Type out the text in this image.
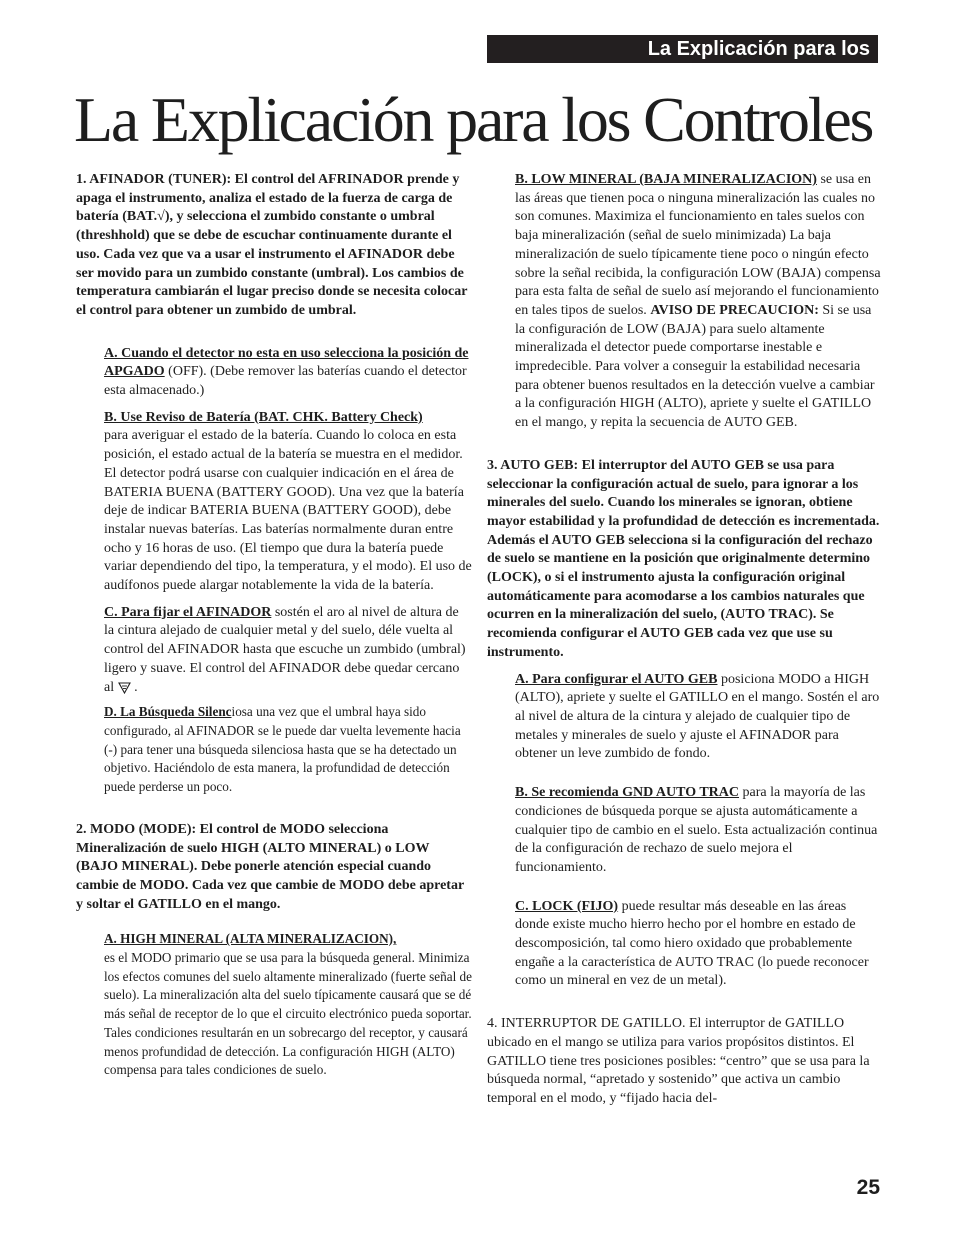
La Explicación para los
La Explicación para los Controles

1. AFINADOR (TUNER): El control del AFRINADOR prende y apaga el instrumento, analiza el estado de la fuerza de carga de batería (BAT.√), y selecciona el zumbido constante o umbral (threshhold) que se debe de escuchar continuamente durante el uso. Cada vez que va a usar el instrumento el AFINADOR debe ser movido para un zumbido constante (umbral). Los cambios de temperatura cambiarán el lugar preciso donde se necesita colocar el control para obtener un zumbido de umbral.

A. Cuando el detector no esta en uso selecciona la posición de APGADO (OFF). (Debe remover las baterías cuando el detector esta almacenado.)

B. Use Reviso de Batería (BAT. CHK. Battery Check)
para averiguar el estado de la batería. Cuando lo coloca en esta posición, el estado actual de la batería se muestra en el medidor. El detector podrá usarse con cualquier indicación en el área de BATERIA BUENA (BATTERY GOOD). Una vez que la batería deje de indicar BATERIA BUENA (BATTERY GOOD), debe instalar nuevas baterías. Las baterías normalmente duran entre ocho y 16 horas de uso. (El tiempo que dura la batería puede variar dependiendo del tipo, la temperatura, y el modo). El uso de audífonos puede alargar notablemente la vida de la batería.

C. Para fijar el AFINADOR sostén el aro al nivel de altura de la cintura alejado de cualquier metal y del suelo, déle vuelta al control del AFINADOR hasta que escuche un zumbido (umbral) ligero y suave. El control del AFINADOR debe quedar cercano al  .

D. La Búsqueda Silenciosa una vez que el umbral haya sido configurado, al AFINADOR se le puede dar vuelta levemente hacia (-) para tener una búsqueda silenciosa hasta que se ha detectado un objetivo. Haciéndolo de esta manera, la profundidad de detección puede perderse un poco.

2. MODO (MODE): El control de MODO selecciona Mineralización de suelo HIGH (ALTO MINERAL) o LOW (BAJO MINERAL). Debe ponerle atención especial cuando cambie de MODO. Cada vez que cambie de MODO debe apretar y soltar el GATILLO en el mango.

A. HIGH MINERAL (ALTA MINERALIZACION),
es el MODO primario que se usa para la búsqueda general. Minimiza los efectos comunes del suelo altamente mineralizado (fuerte señal de suelo). La mineralización alta del suelo típicamente causará que se dé más señal de receptor de lo que el circuito electrónico pueda soportar. Tales condiciones resultarán en un sobrecargo del receptor, y causará menos profundidad de detección. La configuración HIGH (ALTO) compensa para tales condiciones de suelo.

B. LOW MINERAL (BAJA MINERALIZACION) se usa en las áreas que tienen poca o ninguna mineralización las cuales no son comunes. Maximiza el funcionamiento en tales suelos con baja mineralización (señal de suelo minimizada) La baja mineralización de suelo típicamente tiene poco o ningún efecto sobre la señal recibida, la configuración LOW (BAJA) compensa para esta falta de señal de suelo así mejorando el funcionamiento en tales tipos de suelos. AVISO DE PRECAUCION: Si se usa la configuración de LOW (BAJA) para suelo altamente mineralizada el detector puede comportarse inestable e impredecible. Para volver a conseguir la estabilidad necesaria para obtener buenos resultados en la detección vuelve a cambiar a la configuración HIGH (ALTO), apriete y suelte el GATILLO en el mango, y repita la secuencia de AUTO GEB.

3. AUTO GEB: El interruptor del AUTO GEB se usa para seleccionar la configuración actual de suelo, para ignorar a los minerales del suelo. Cuando los minerales se ignoran, obtiene mayor estabilidad y la profundidad de detección es incrementada. Además el AUTO GEB selecciona si la configuración del rechazo de suelo se mantiene en la posición que originalmente determino (LOCK), o si el instrumento ajusta la configuración original automáticamente para acomodarse a los cambios naturales que ocurren en la mineralización del suelo, (AUTO TRAC). Se recomienda configurar el AUTO GEB cada vez que use su instrumento.

A. Para configurar el AUTO GEB posiciona MODO a HIGH (ALTO), apriete y suelte el GATILLO en el mango. Sostén el aro al nivel de altura de la cintura y alejado de cualquier tipo de metales y minerales de suelo y ajuste el AFINADOR para obtener un leve zumbido de fondo.

B. Se recomienda GND AUTO TRAC para la mayoría de las condiciones de búsqueda porque se ajusta automáticamente a cualquier tipo de cambio en el suelo. Esta actualización continua de la configuración de rechazo de suelo mejora el funcionamiento.

C. LOCK (FIJO) puede resultar más deseable en las áreas donde existe mucho hierro hecho por el hombre en estado de descomposición, tal como hiero oxidado que probablemente engañe a la característica de AUTO TRAC (lo puede reconocer como un mineral en vez de un metal).

4. INTERRUPTOR DE GATILLO. El interruptor de GATILLO ubicado en el mango se utiliza para varios propósitos distintos. El GATILLO tiene tres posiciones posibles: “centro” que se usa para la búsqueda normal, “apretado y sostenido” que activa un cambio temporal en el modo, y “fijado hacia del-

25
